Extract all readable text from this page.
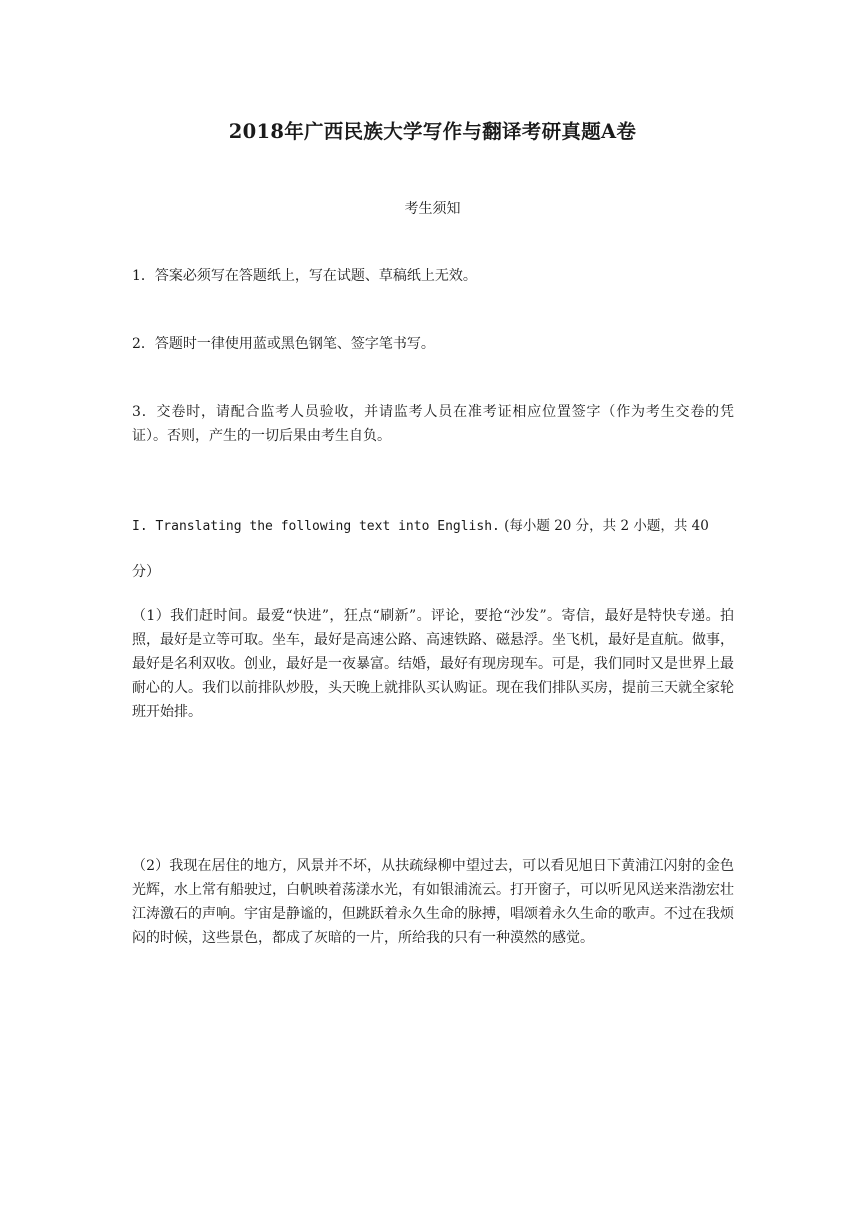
2018年广西民族大学写作与翻译考研真题A卷
考生须知
1．答案必须写在答题纸上，写在试题、草稿纸上无效。
2．答题时一律使用蓝或黑色钢笔、签字笔书写。
3．交卷时，请配合监考人员验收，并请监考人员在准考证相应位置签字（作为考生交卷的凭证）。否则，产生的一切后果由考生自负。
I. Translating the following text into English. (每小题 20 分，共 2 小题，共 40
分）
（1）我们赶时间。最爱“快进”，狂点“刷新”。评论，要抢“沙发”。寄信，最好是特快专递。拍照，最好是立等可取。坐车，最好是高速公路、高速铁路、磁悬浮。坐飞机，最好是直航。做事，最好是名利双收。创业，最好是一夜暴富。结婚，最好有现房现车。可是，我们同时又是世界上最耐心的人。我们以前排队炒股，头天晚上就排队买认购证。现在我们排队买房，提前三天就全家轮班开始排。
（2）我现在居住的地方，风景并不坏，从扶疏绿柳中望过去，可以看见旭日下黄浦江闪射的金色光辉，水上常有船驶过，白帆映着荡漾水光，有如银浦流云。打开窗子，可以听见风送来浩渤宏壮江涛激石的声响。宇宙是静谧的，但跳跃着永久生命的脉搏，唱颂着永久生命的歌声。不过在我烦闷的时候，这些景色，都成了灰暗的一片，所给我的只有一种漠然的感觉。
